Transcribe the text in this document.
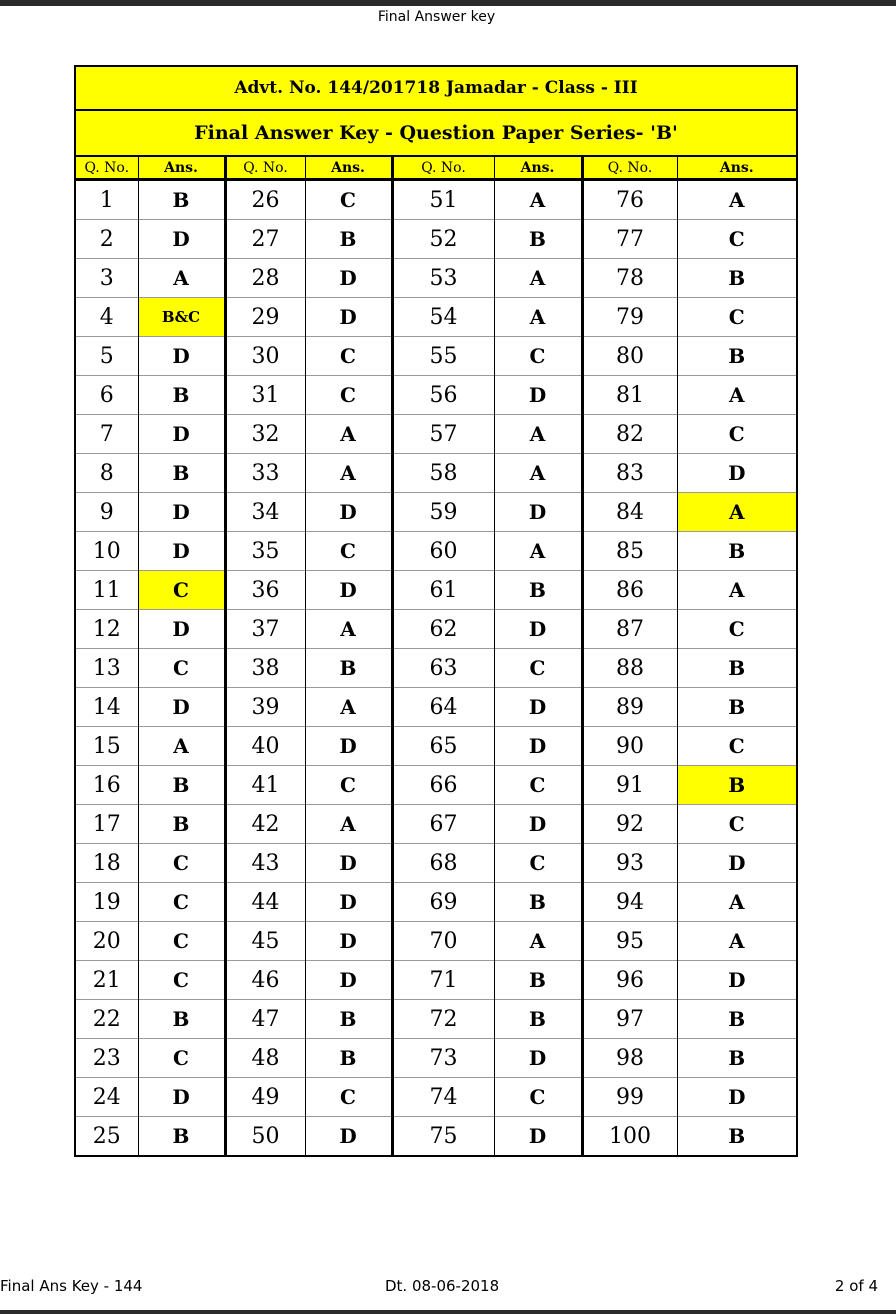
Final Answer key
Advt. No. 144/201718 Jamadar - Class - III
Final Answer Key - Question Paper Series- 'B'
Q. No.	Ans.	Q. No.	Ans.	Q. No.	Ans.	Q. No.	Ans.
1	B	26	C	51	A	76	A
2	D	27	B	52	B	77	C
3	A	28	D	53	A	78	B
4	B&C	29	D	54	A	79	C
5	D	30	C	55	C	80	B
6	B	31	C	56	D	81	A
7	D	32	A	57	A	82	C
8	B	33	A	58	A	83	D
9	D	34	D	59	D	84	A
10	D	35	C	60	A	85	B
11	C	36	D	61	B	86	A
12	D	37	A	62	D	87	C
13	C	38	B	63	C	88	B
14	D	39	A	64	D	89	B
15	A	40	D	65	D	90	C
16	B	41	C	66	C	91	B
17	B	42	A	67	D	92	C
18	C	43	D	68	C	93	D
19	C	44	D	69	B	94	A
20	C	45	D	70	A	95	A
21	C	46	D	71	B	96	D
22	B	47	B	72	B	97	B
23	C	48	B	73	D	98	B
24	D	49	C	74	C	99	D
25	B	50	D	75	D	100	B
Final Ans Key - 144	Dt. 08-06-2018	2 of 4
